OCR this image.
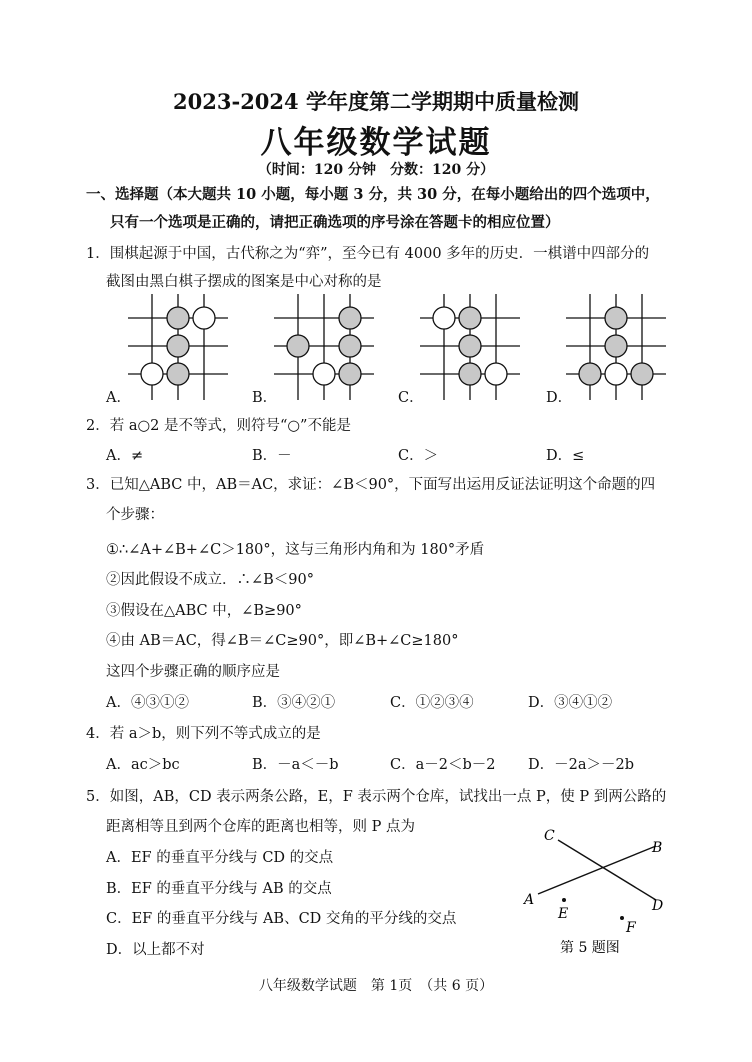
2023-2024 学年度第二学期期中质量检测
八年级数学试题
（时间：120 分钟　分数：120 分）
一、选择题（本大题共 10 小题，每小题 3 分，共 30 分，在每小题给出的四个选项中，
只有一个选项是正确的，请把正确选项的序号涂在答题卡的相应位置）
1．围棋起源于中国，古代称之为“弈”，至今已有 4000 多年的历史．一棋谱中四部分的
截图由黑白棋子摆成的图案是中心对称的是
A．	B．	C．	D．
2．若 a○2 是不等式，则符号“○”不能是
A．≠	B．－	C．＞	D．≤
3．已知△ABC 中，AB＝AC，求证：∠B＜90°，下面写出运用反证法证明这个命题的四
个步骤：
①∴∠A+∠B+∠C＞180°，这与三角形内角和为 180°矛盾
②因此假设不成立．∴∠B＜90°
③假设在△ABC 中，∠B≥90°
④由 AB＝AC，得∠B＝∠C≥90°，即∠B+∠C≥180°
这四个步骤正确的顺序应是
A．④③①②	B．③④②①	C．①②③④	D．③④①②
4．若 a＞b，则下列不等式成立的是
A．ac＞bc	B．－a＜－b	C．a－2＜b－2 D．－2a＞－2b
5．如图，AB，CD 表示两条公路，E，F 表示两个仓库，试找出一点 P，使 P 到两公路的
距离相等且到两个仓库的距离也相等，则 P 点为
A．EF 的垂直平分线与 CD 的交点
B．EF 的垂直平分线与 AB 的交点
C．EF 的垂直平分线与 AB、CD 交角的平分线的交点
D．以上都不对
C
B
A	D
E
F
第 5 题图
八年级数学试题　第 1页　（共 6 页）
